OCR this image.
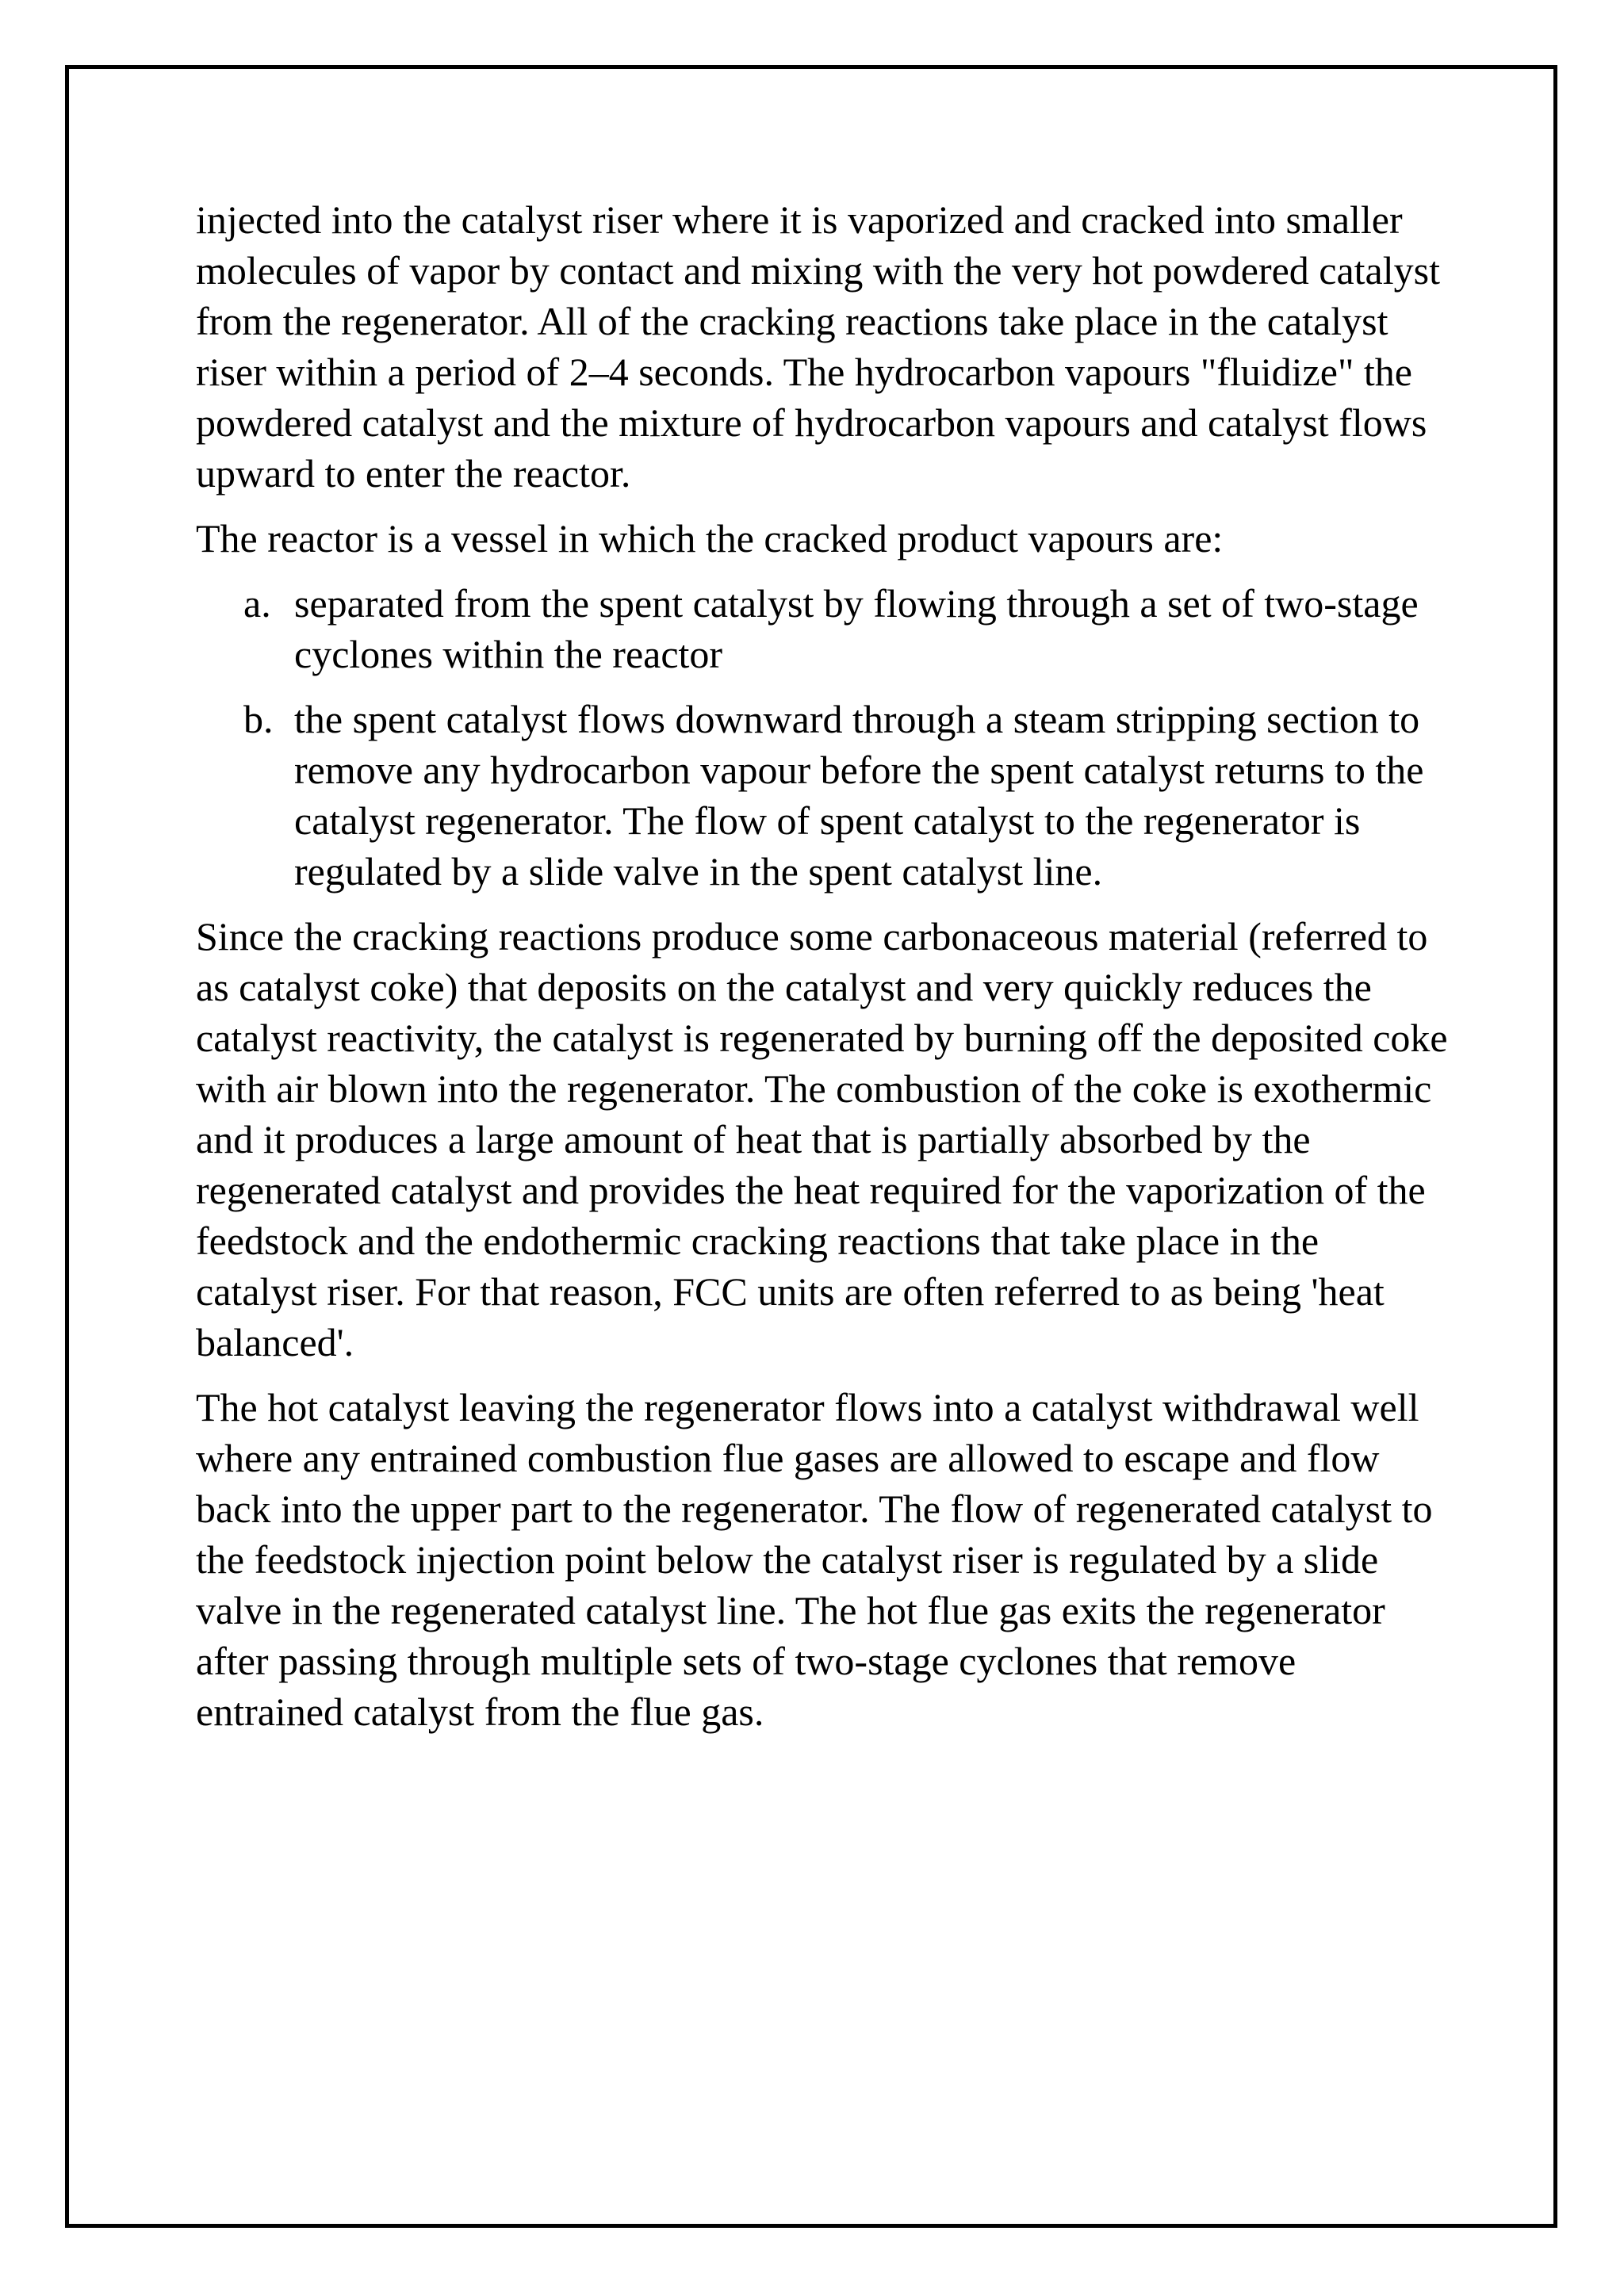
injected into the catalyst riser where it is vaporized and cracked into smaller molecules of vapor by contact and mixing with the very hot powdered catalyst from the regenerator. All of the cracking reactions take place in the catalyst riser within a period of 2–4 seconds. The hydrocarbon vapours "fluidize" the powdered catalyst and the mixture of hydrocarbon vapours and catalyst flows upward to enter the reactor.

The reactor is a vessel in which the cracked product vapours are:

a. separated from the spent catalyst by flowing through a set of two-stage cyclones within the reactor
b. the spent catalyst flows downward through a steam stripping section to remove any hydrocarbon vapour before the spent catalyst returns to the catalyst regenerator. The flow of spent catalyst to the regenerator is regulated by a slide valve in the spent catalyst line.

Since the cracking reactions produce some carbonaceous material (referred to as catalyst coke) that deposits on the catalyst and very quickly reduces the catalyst reactivity, the catalyst is regenerated by burning off the deposited coke with air blown into the regenerator. The combustion of the coke is exothermic and it produces a large amount of heat that is partially absorbed by the regenerated catalyst and provides the heat required for the vaporization of the feedstock and the endothermic cracking reactions that take place in the catalyst riser. For that reason, FCC units are often referred to as being 'heat balanced'.

The hot catalyst leaving the regenerator flows into a catalyst withdrawal well where any entrained combustion flue gases are allowed to escape and flow back into the upper part to the regenerator. The flow of regenerated catalyst to the feedstock injection point below the catalyst riser is regulated by a slide valve in the regenerated catalyst line. The hot flue gas exits the regenerator after passing through multiple sets of two-stage cyclones that remove entrained catalyst from the flue gas.
